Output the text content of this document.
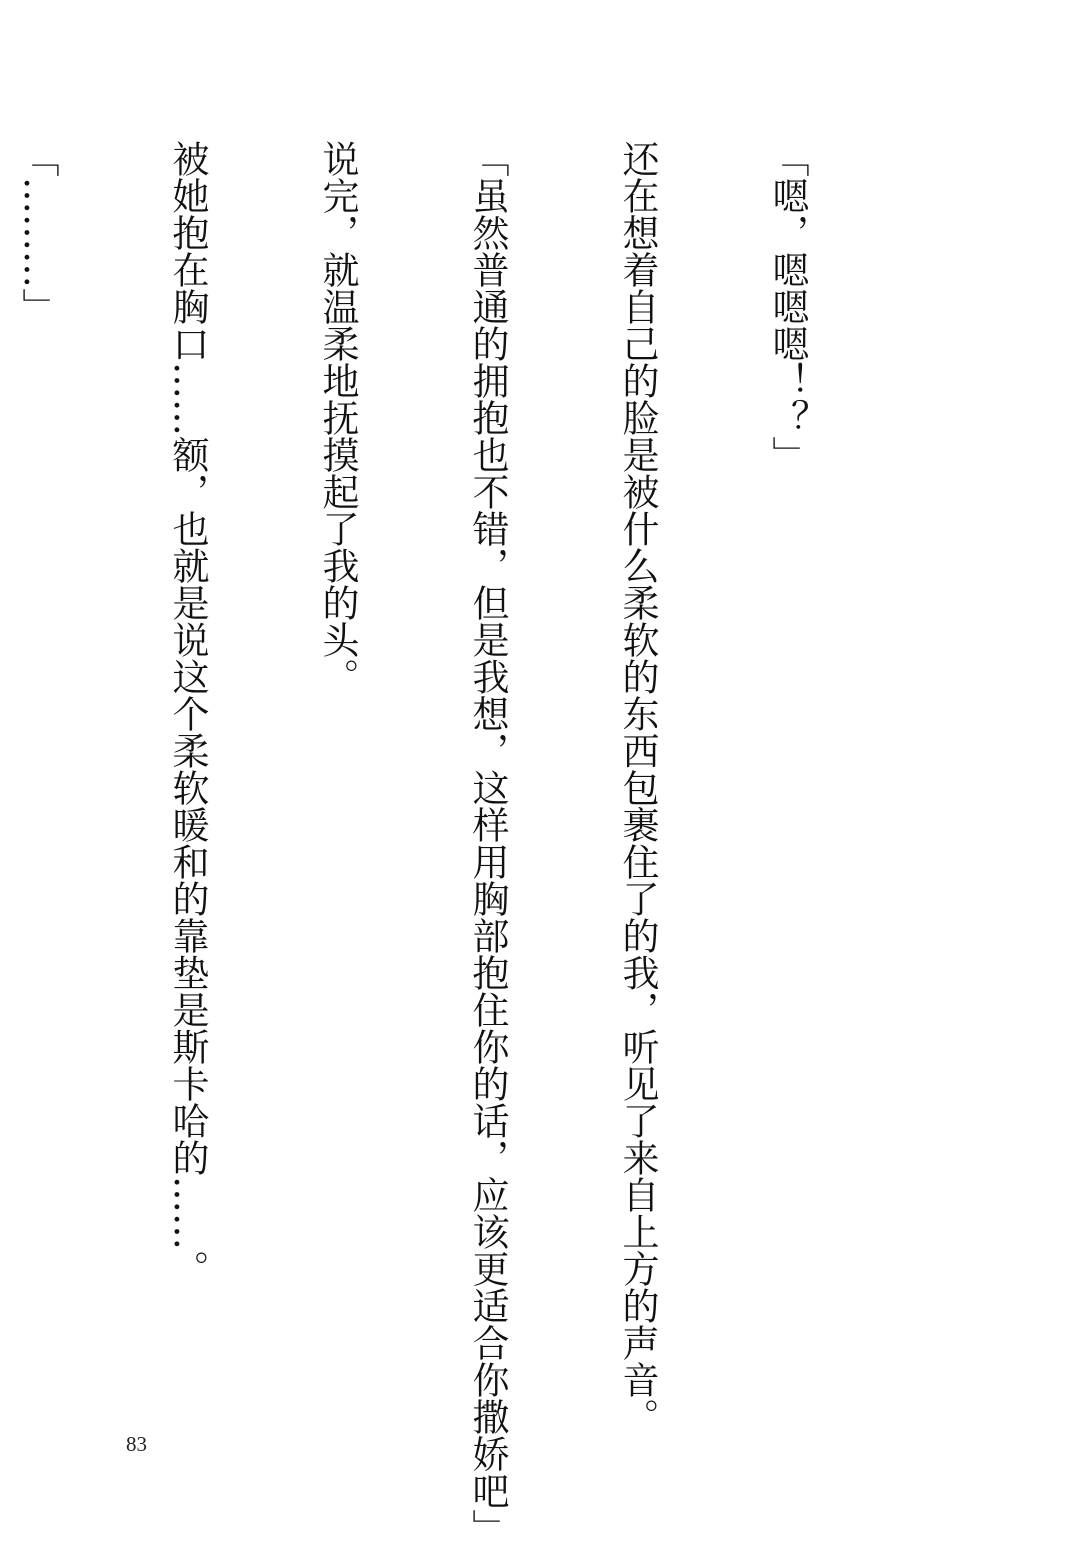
「嗯，嗯嗯嗯！？」

还在想着自己的脸是被什么柔软的东西包裹住了的我，听见了来自上方的声音。

「虽然普通的拥抱也不错，但是我想，这样用胸部抱住你的话，应该更适合你撒娇吧」

说完，就温柔地抚摸起了我的头。

被她抱在胸口……额，也就是说这个柔软暖和的靠垫是斯卡哈的……。

「………」

83
